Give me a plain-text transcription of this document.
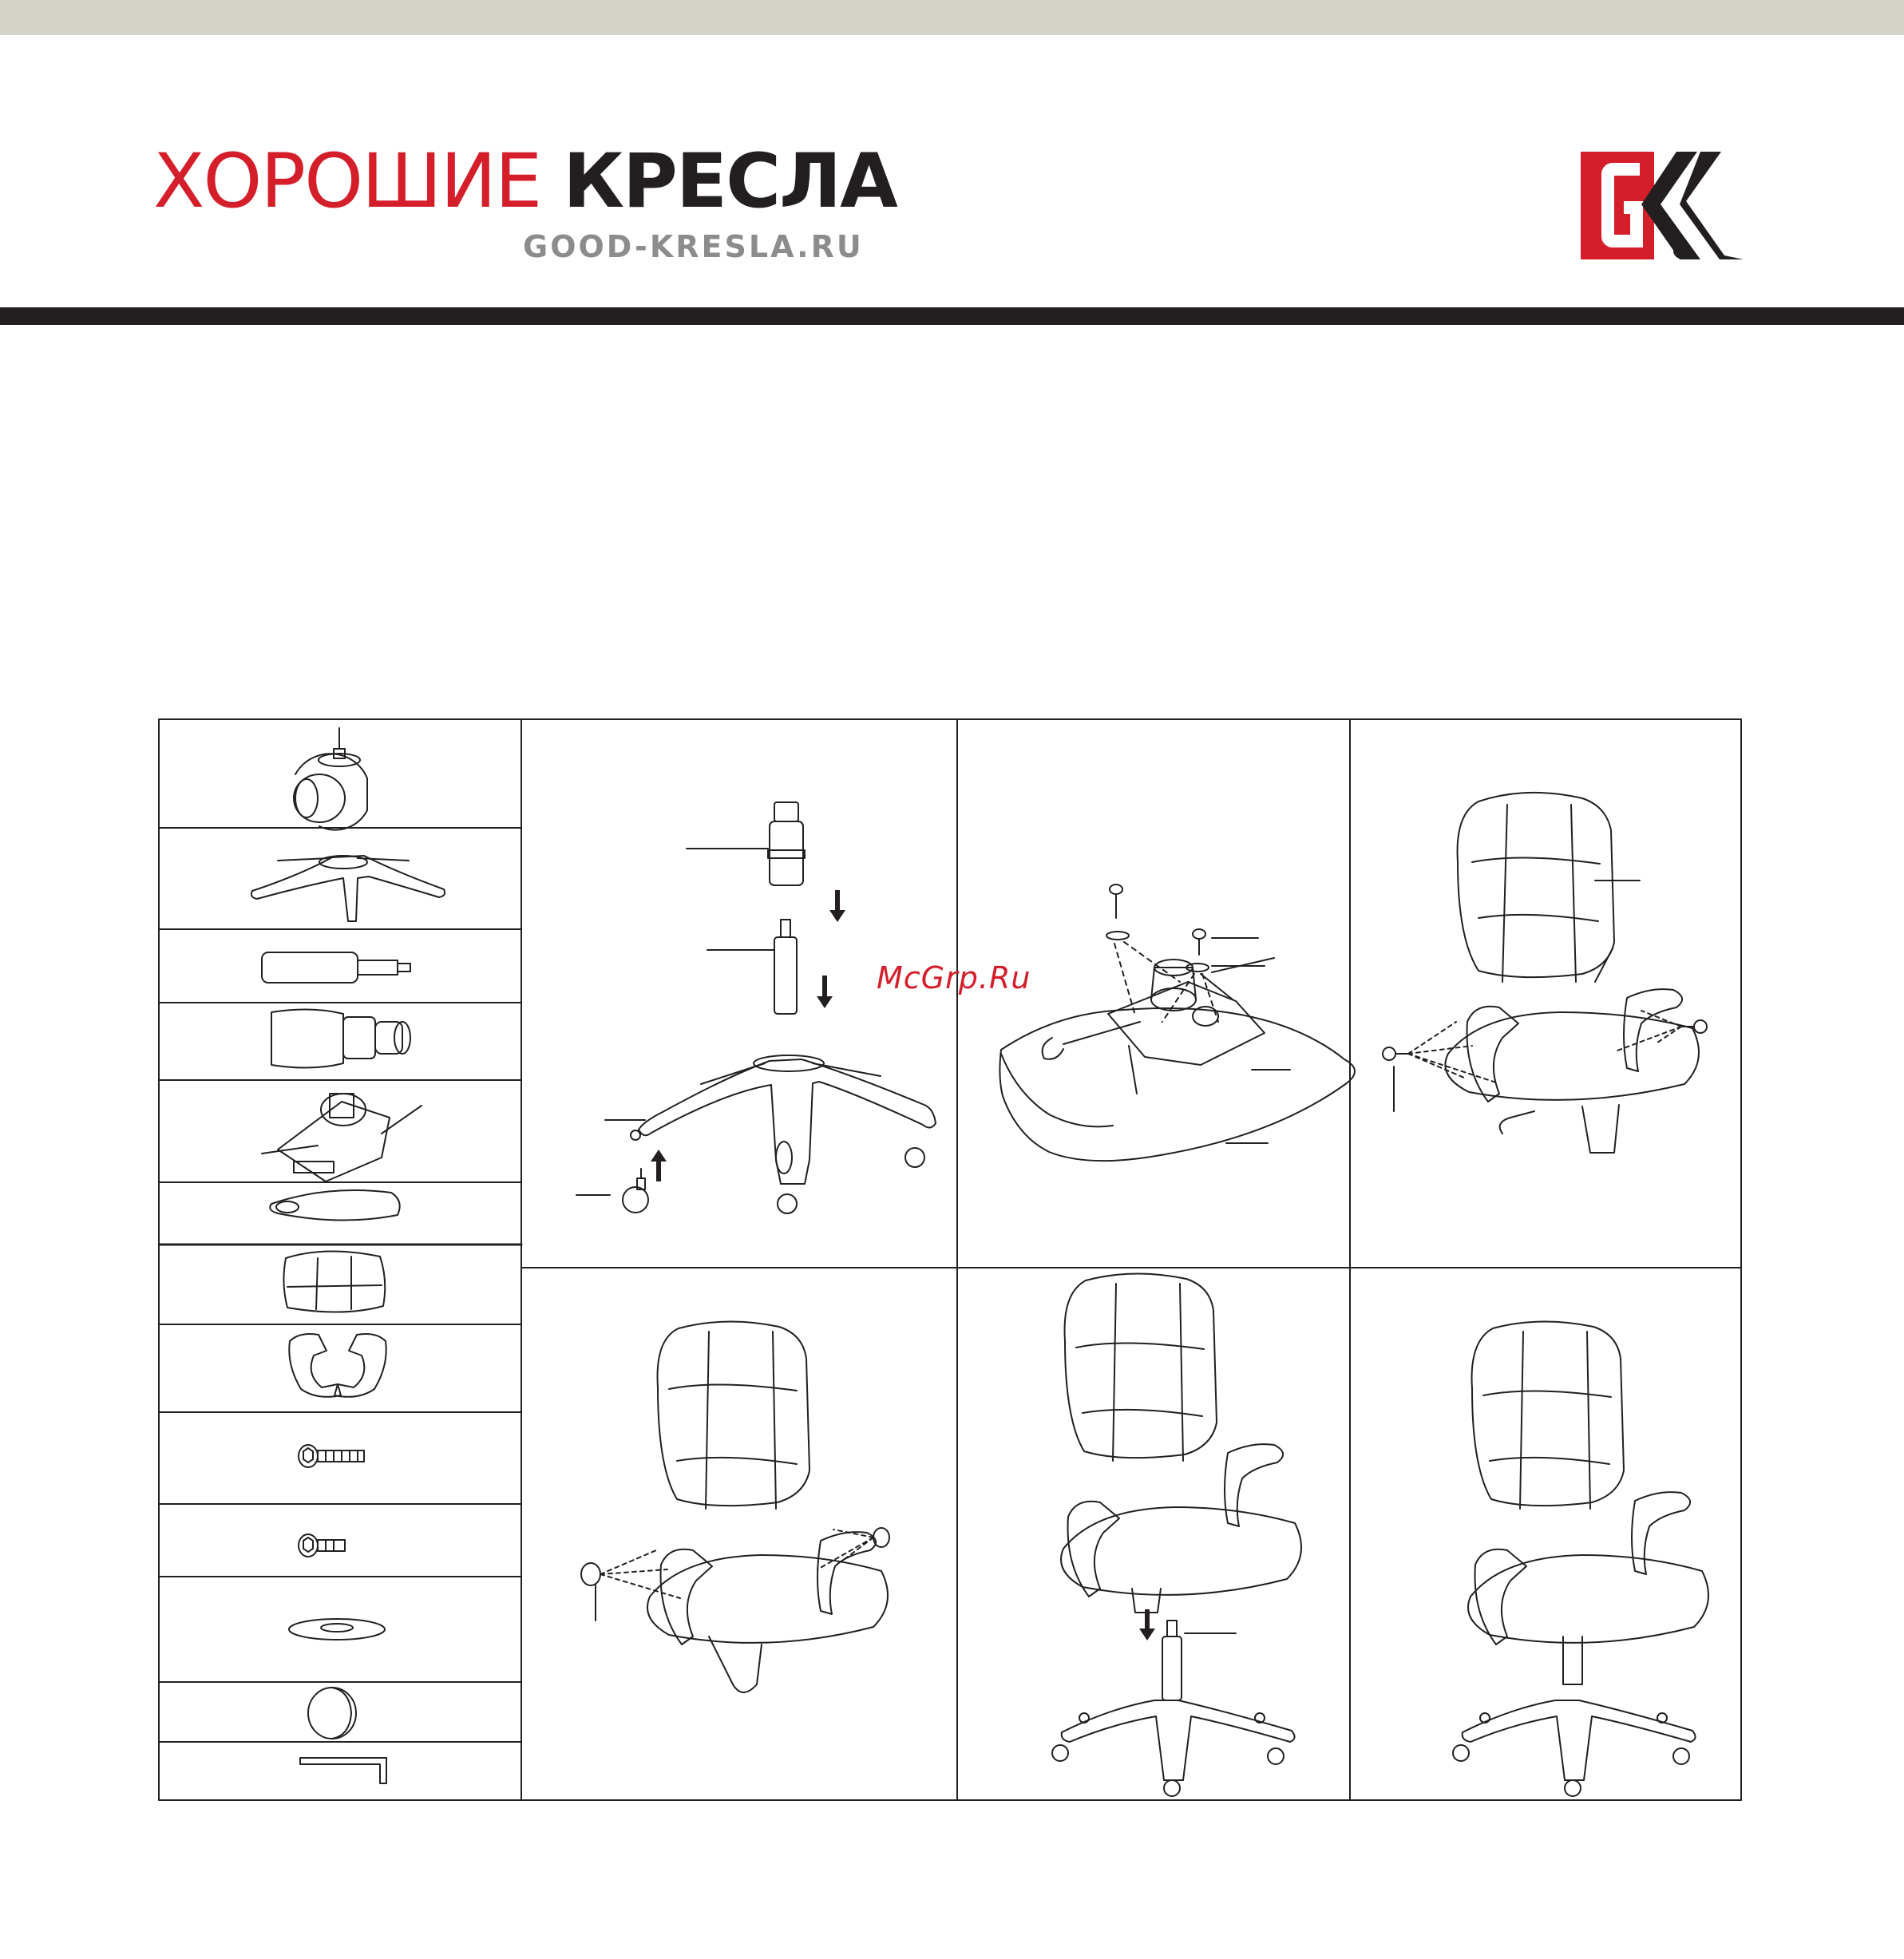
ХОРОШИЕ КРЕСЛА
GOOD-KRESLA.RU	R
McGrp.Ru
